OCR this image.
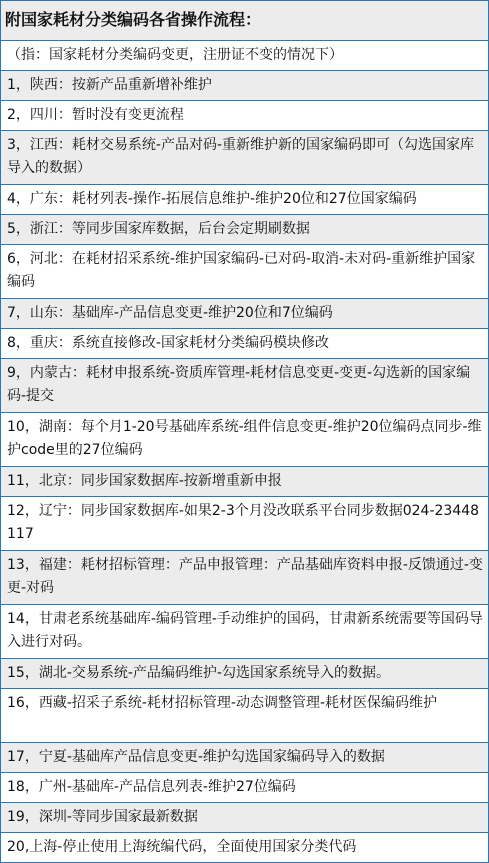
附国家耗材分类编码各省操作流程：
（指：国家耗材分类编码变更，注册证不变的情况下）
1，陕西：按新产品重新增补维护
2，四川：暂时没有变更流程
3，江西：耗材交易系统-产品对码-重新维护新的国家编码即可（勾选国家库导入的数据）
4，广东：耗材列表-操作-拓展信息维护-维护20位和27位国家编码
5，浙江：等同步国家库数据，后台会定期刷数据
6，河北：在耗材招采系统-维护国家编码-已对码-取消-未对码-重新维护国家编码
7，山东：基础库-产品信息变更-维护20位和7位编码
8，重庆：系统直接修改-国家耗材分类编码模块修改
9，内蒙古：耗材申报系统-资质库管理-耗材信息变更-变更-勾选新的国家编码-提交
10，湖南：每个月1-20号基础库系统-组件信息变更-维护20位编码点同步-维护code里的27位编码
11，北京：同步国家数据库-按新增重新申报
12，辽宁：同步国家数据库-如果2-3个月没改联系平台同步数据024-23448117
13，福建：耗材招标管理：产品申报管理：产品基础库资料申报-反馈通过-变更-对码
14，甘肃老系统基础库-编码管理-手动维护的国码，甘肃新系统需要等国码导入进行对码。
15，湖北-交易系统-产品编码维护-勾选国家系统导入的数据。
16，西藏-招采子系统-耗材招标管理-动态调整管理-耗材医保编码维护
17，宁夏-基础库产品信息变更-维护勾选国家编码导入的数据
18，广州-基础库-产品信息列表-维护27位编码
19，深圳-等同步国家最新数据
20,上海-停止使用上海统编代码，全面使用国家分类代码
